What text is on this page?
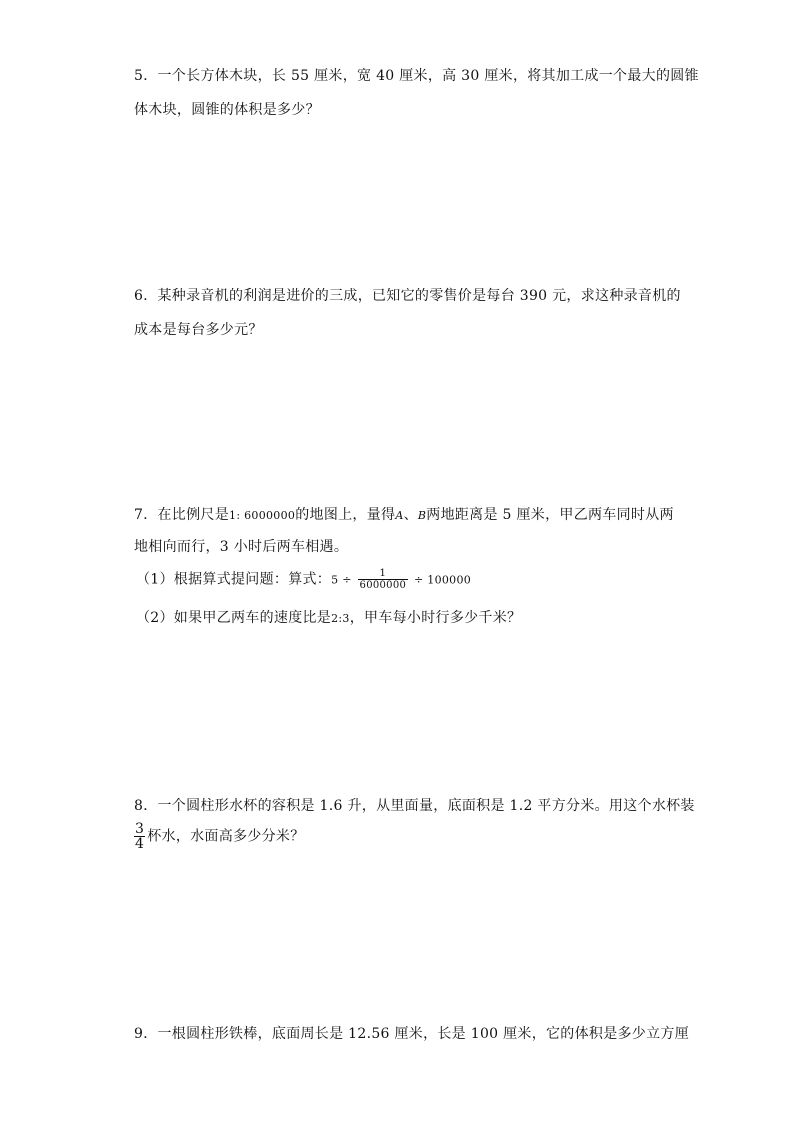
5．一个长方体木块，长 55 厘米，宽 40 厘米，高 30 厘米，将其加工成一个最大的圆锥
体木块，圆锥的体积是多少？
6．某种录音机的利润是进价的三成，已知它的零售价是每台 390 元，求这种录音机的
成本是每台多少元？
7．在比例尺是1: 6000000的地图上，量得A、B两地距离是 5 厘米，甲乙两车同时从两
地相向而行，3 小时后两车相遇。
（1）根据算式提问题：算式：$5 \div \frac{1}{6000000} \div 100000$
（2）如果甲乙两车的速度比是2:3，甲车每小时行多少千米？
8．一个圆柱形水杯的容积是 1.6 升，从里面量，底面积是 1.2 平方分米。用这个水杯装
$\frac{3}{4}$ 杯水，水面高多少分米？
9．一根圆柱形铁棒，底面周长是 12.56 厘米，长是 100 厘米，它的体积是多少立方厘
